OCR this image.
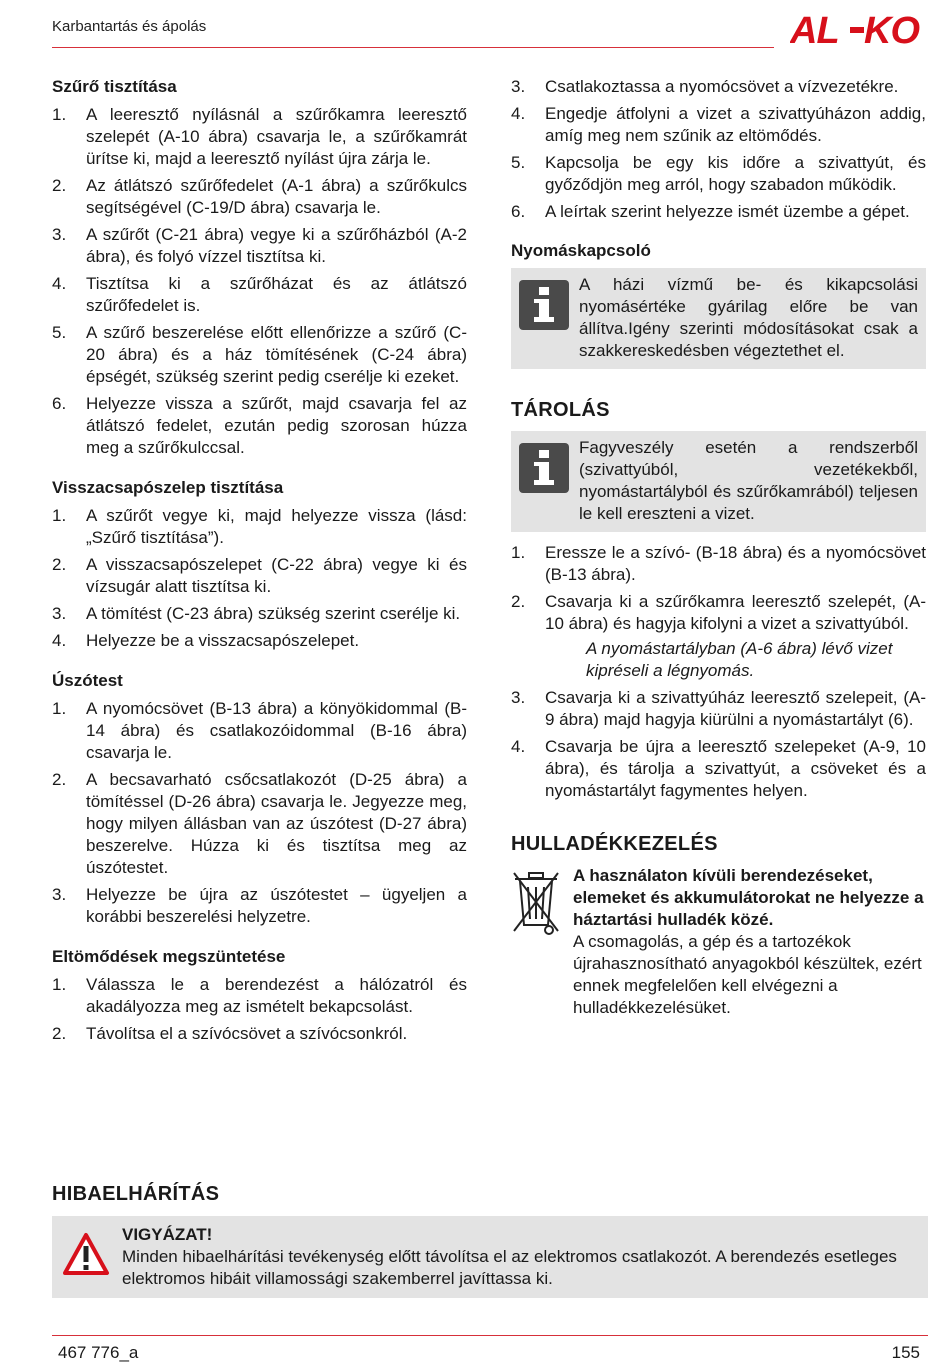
Karbantartás és ápolás	AL KO
Szűrő tisztítása
1. A leeresztő nyílásnál a szűrőkamra leeresztő szelepét (A-10 ábra) csavarja le, a szűrőkamrát ürítse ki, majd a leeresztő nyílást újra zárja le.
2. Az átlátszó szűrőfedelet (A-1 ábra) a szűrőkulcs segítségével (C-19/D ábra) csavarja le.
3. A szűrőt (C-21 ábra) vegye ki a szűrőházból (A-2 ábra), és folyó vízzel tisztítsa ki.
4. Tisztítsa ki a szűrőházat és az átlátszó szűrőfedelet is.
5. A szűrő beszerelése előtt ellenőrizze a szűrő (C-20 ábra) és a ház tömítésének (C-24 ábra) épségét, szükség szerint pedig cserélje ki ezeket.
6. Helyezze vissza a szűrőt, majd csavarja fel az átlátszó fedelet, ezután pedig szorosan húzza meg a szűrőkulccsal.
Visszacsapószelep tisztítása
1. A szűrőt vegye ki, majd helyezze vissza (lásd: „Szűrő tisztítása”).
2. A visszacsapószelepet (C-22 ábra) vegye ki és vízsugár alatt tisztítsa ki.
3. A tömítést (C-23 ábra) szükség szerint cserélje ki.
4. Helyezze be a visszacsapószelepet.
Úszótest
1. A nyomócsövet (B-13 ábra) a könyökidommal (B-14 ábra) és csatlakozóidommal (B-16 ábra) csavarja le.
2. A becsavarható csőcsatlakozót (D-25 ábra) a tömítéssel (D-26 ábra) csavarja le. Jegyezze meg, hogy milyen állásban van az úszótest (D-27 ábra) beszerelve. Húzza ki és tisztítsa meg az úszótestet.
3. Helyezze be újra az úszótestet – ügyeljen a korábbi beszerelési helyzetre.
Eltömődések megszüntetése
1. Válassza le a berendezést a hálózatról és akadályozza meg az ismételt bekapcsolást.
2. Távolítsa el a szívócsövet a szívócsonkról.
3. Csatlakoztassa a nyomócsövet a vízvezetékre.
4. Engedje átfolyni a vizet a szivattyúházon addig, amíg meg nem szűnik az eltömődés.
5. Kapcsolja be egy kis időre a szivattyút, és győződjön meg arról, hogy szabadon működik.
6. A leírtak szerint helyezze ismét üzembe a gépet.
Nyomáskapcsoló
A házi vízmű be- és kikapcsolási nyomásértéke gyárilag előre be van állítva.Igény szerinti módosításokat csak a szakkereskedésben végeztethet el.
TÁROLÁS
Fagyveszély esetén a rendszerből (szivattyúból, vezetékekből, nyomástartályból és szűrőkamrából) teljesen le kell ereszteni a vizet.
1. Eressze le a szívó- (B-18 ábra) és a nyomócsövet (B-13 ábra).
2. Csavarja ki a szűrőkamra leeresztő szelepét, (A-10 ábra) és hagyja kifolyni a vizet a szivattyúból.
A nyomástartályban (A-6 ábra) lévő vizet kipréseli a légnyomás.
3. Csavarja ki a szivattyúház leeresztő szelepeit, (A-9 ábra) majd hagyja kiürülni a nyomástartályt (6).
4. Csavarja be újra a leeresztő szelepeket (A-9, 10 ábra), és tárolja a szivattyút, a csöveket és a nyomástartályt fagymentes helyen.
HULLADÉKKEZELÉS
A használaton kívüli berendezéseket, elemeket és akkumulátorokat ne helyezze a háztartási hulladék közé.
A csomagolás, a gép és a tartozékok újrahasznosítható anyagokból készültek, ezért ennek megfelelően kell elvégezni a hulladékkezelésüket.
HIBAELHÁRÍTÁS
VIGYÁZAT!
Minden hibaelhárítási tevékenység előtt távolítsa el az elektromos csatlakozót. A berendezés esetleges elektromos hibáit villamossági szakemberrel javíttassa ki.
467 776_a	155
